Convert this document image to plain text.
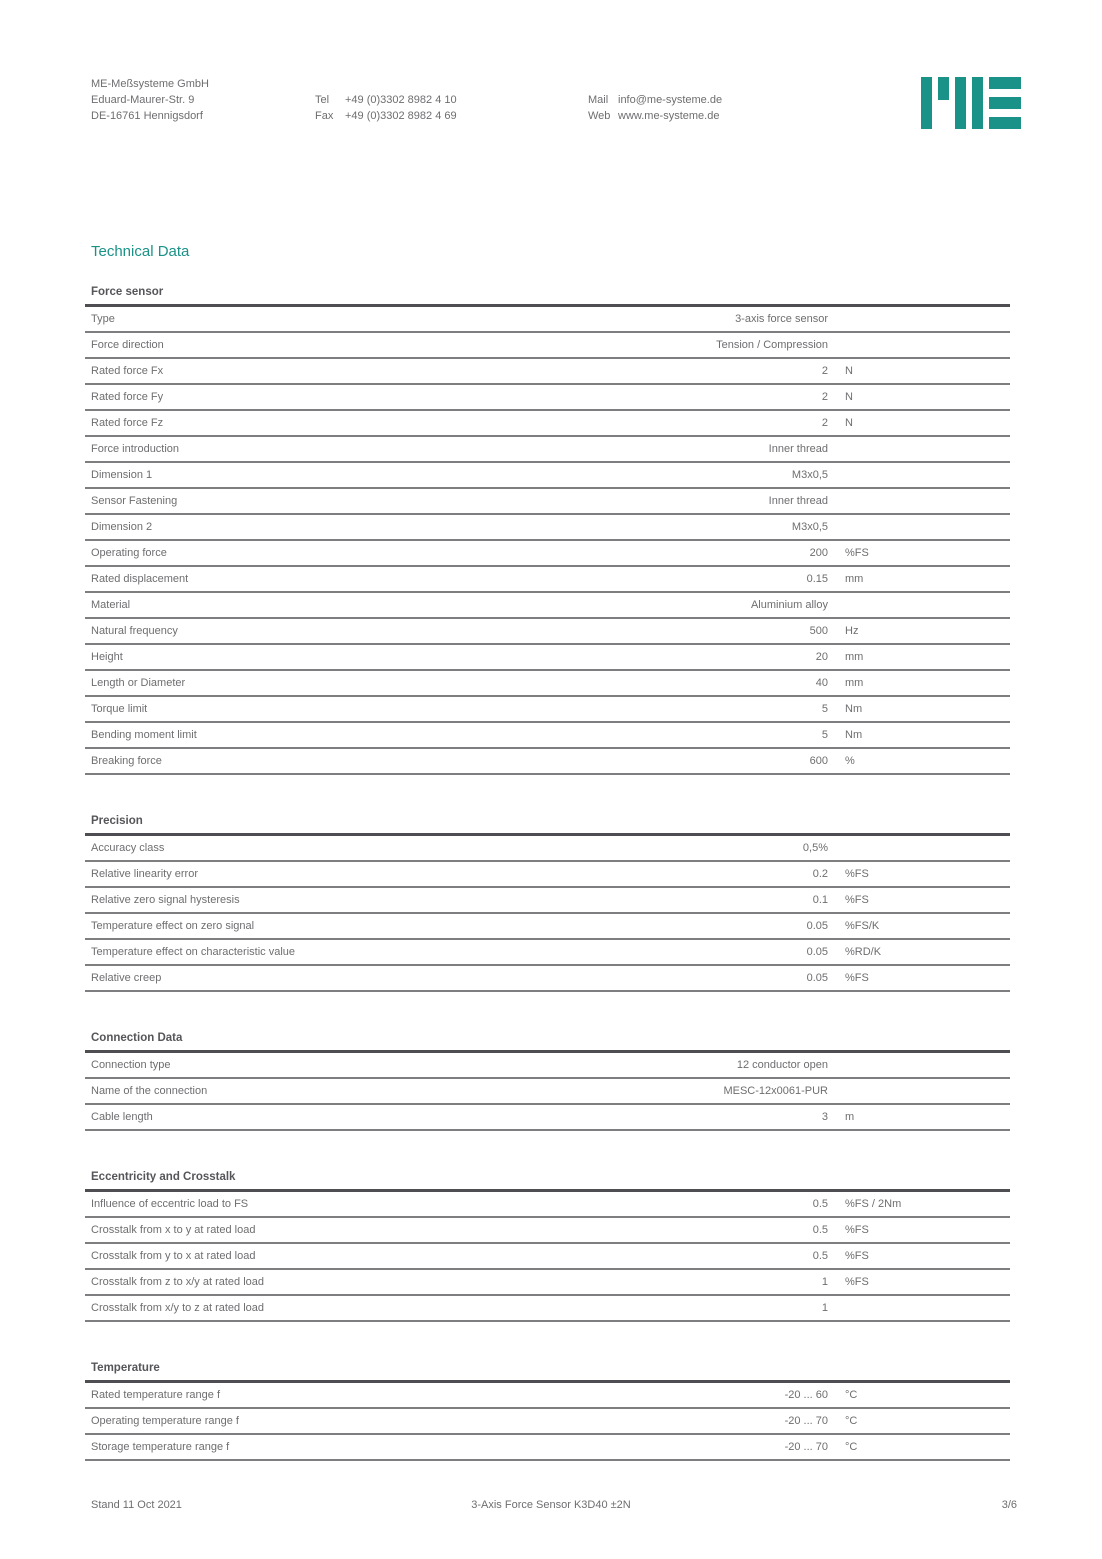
ME-Meßsysteme GmbH
Eduard-Maurer-Str. 9
DE-16761 Hennigsdorf
Tel	+49 (0)3302 8982 4 10
Fax	+49 (0)3302 8982 4 69
Mail info@me-systeme.de
Web www.me-systeme.de
Technical Data
Force sensor
Type	3-axis force sensor
Force direction	Tension / Compression
Rated force Fx	2	N
Rated force Fy	2	N
Rated force Fz	2	N
Force introduction	Inner thread
Dimension 1	M3x0,5
Sensor Fastening	Inner thread
Dimension 2	M3x0,5
Operating force	200	%FS
Rated displacement	0.15	mm
Material	Aluminium alloy
Natural frequency	500	Hz
Height	20	mm
Length or Diameter	40	mm
Torque limit	5	Nm
Bending moment limit	5	Nm
Breaking force	600	%
Precision
Accuracy class	0,5%
Relative linearity error	0.2	%FS
Relative zero signal hysteresis	0.1	%FS
Temperature effect on zero signal	0.05	%FS/K
Temperature effect on characteristic value	0.05	%RD/K
Relative creep	0.05	%FS
Connection Data
Connection type	12 conductor open
Name of the connection	MESC-12x0061-PUR
Cable length	3	m
Eccentricity and Crosstalk
Influence of eccentric load to FS	0.5	%FS / 2Nm
Crosstalk from x to y at rated load	0.5	%FS
Crosstalk from y to x at rated load	0.5	%FS
Crosstalk from z to x/y at rated load	1	%FS
Crosstalk from x/y to z at rated load	1
Temperature
Rated temperature range f	-20 ... 60	°C
Operating temperature range f	-20 ... 70	°C
Storage temperature range f	-20 ... 70	°C
3-Axis Force Sensor K3D40 ±2N
Stand 11 Oct 2021	3/6
